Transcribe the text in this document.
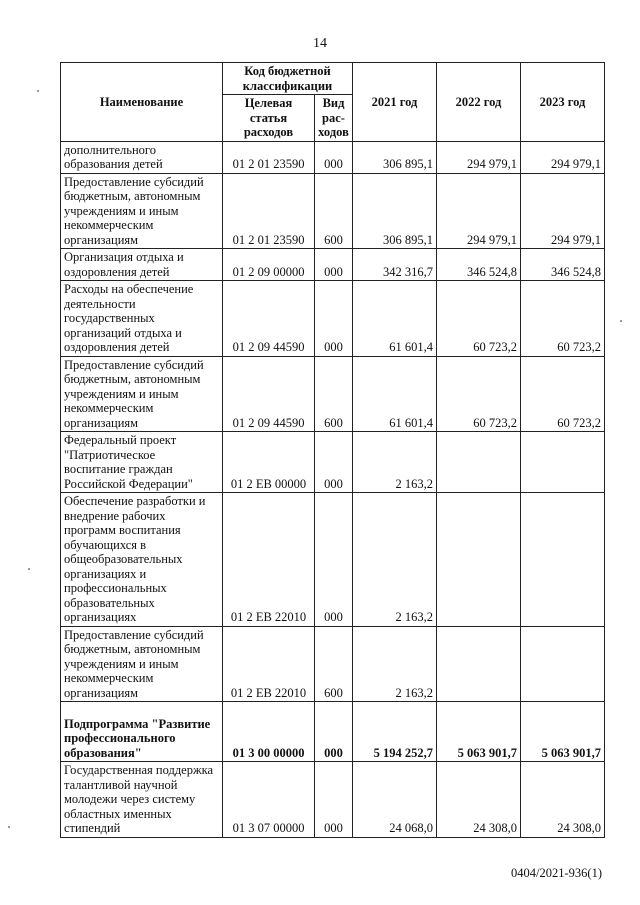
14
Наименование	Код бюджетной классификации		2021 год	2022 год	2023 год
	Целевая статья расходов	Вид рас-ходов			
дополнительного образования детей	01 2 01 23590	000	306 895,1	294 979,1	294 979,1
Предоставление субсидий бюджетным, автономным учреждениям и иным некоммерческим организациям	01 2 01 23590	600	306 895,1	294 979,1	294 979,1
Организация отдыха и оздоровления детей	01 2 09 00000	000	342 316,7	346 524,8	346 524,8
Расходы на обеспечение деятельности государственных организаций отдыха и оздоровления детей	01 2 09 44590	000	61 601,4	60 723,2	60 723,2
Предоставление субсидий бюджетным, автономным учреждениям и иным некоммерческим организациям	01 2 09 44590	600	61 601,4	60 723,2	60 723,2
Федеральный проект "Патриотическое воспитание граждан Российской Федерации"	01 2 ЕВ 00000	000	2 163,2		
Обеспечение разработки и внедрение рабочих программ воспитания обучающихся в общеобразовательных организациях и профессиональных образовательных организациях	01 2 ЕВ 22010	000	2 163,2		
Предоставление субсидий бюджетным, автономным учреждениям и иным некоммерческим организациям	01 2 ЕВ 22010	600	2 163,2		
Подпрограмма "Развитие профессионального образования"	01 3 00 00000	000	5 194 252,7	5 063 901,7	5 063 901,7
Государственная поддержка талантливой научной молодежи через систему областных именных стипендий	01 3 07 00000	000	24 068,0	24 308,0	24 308,0
0404/2021-936(1)
